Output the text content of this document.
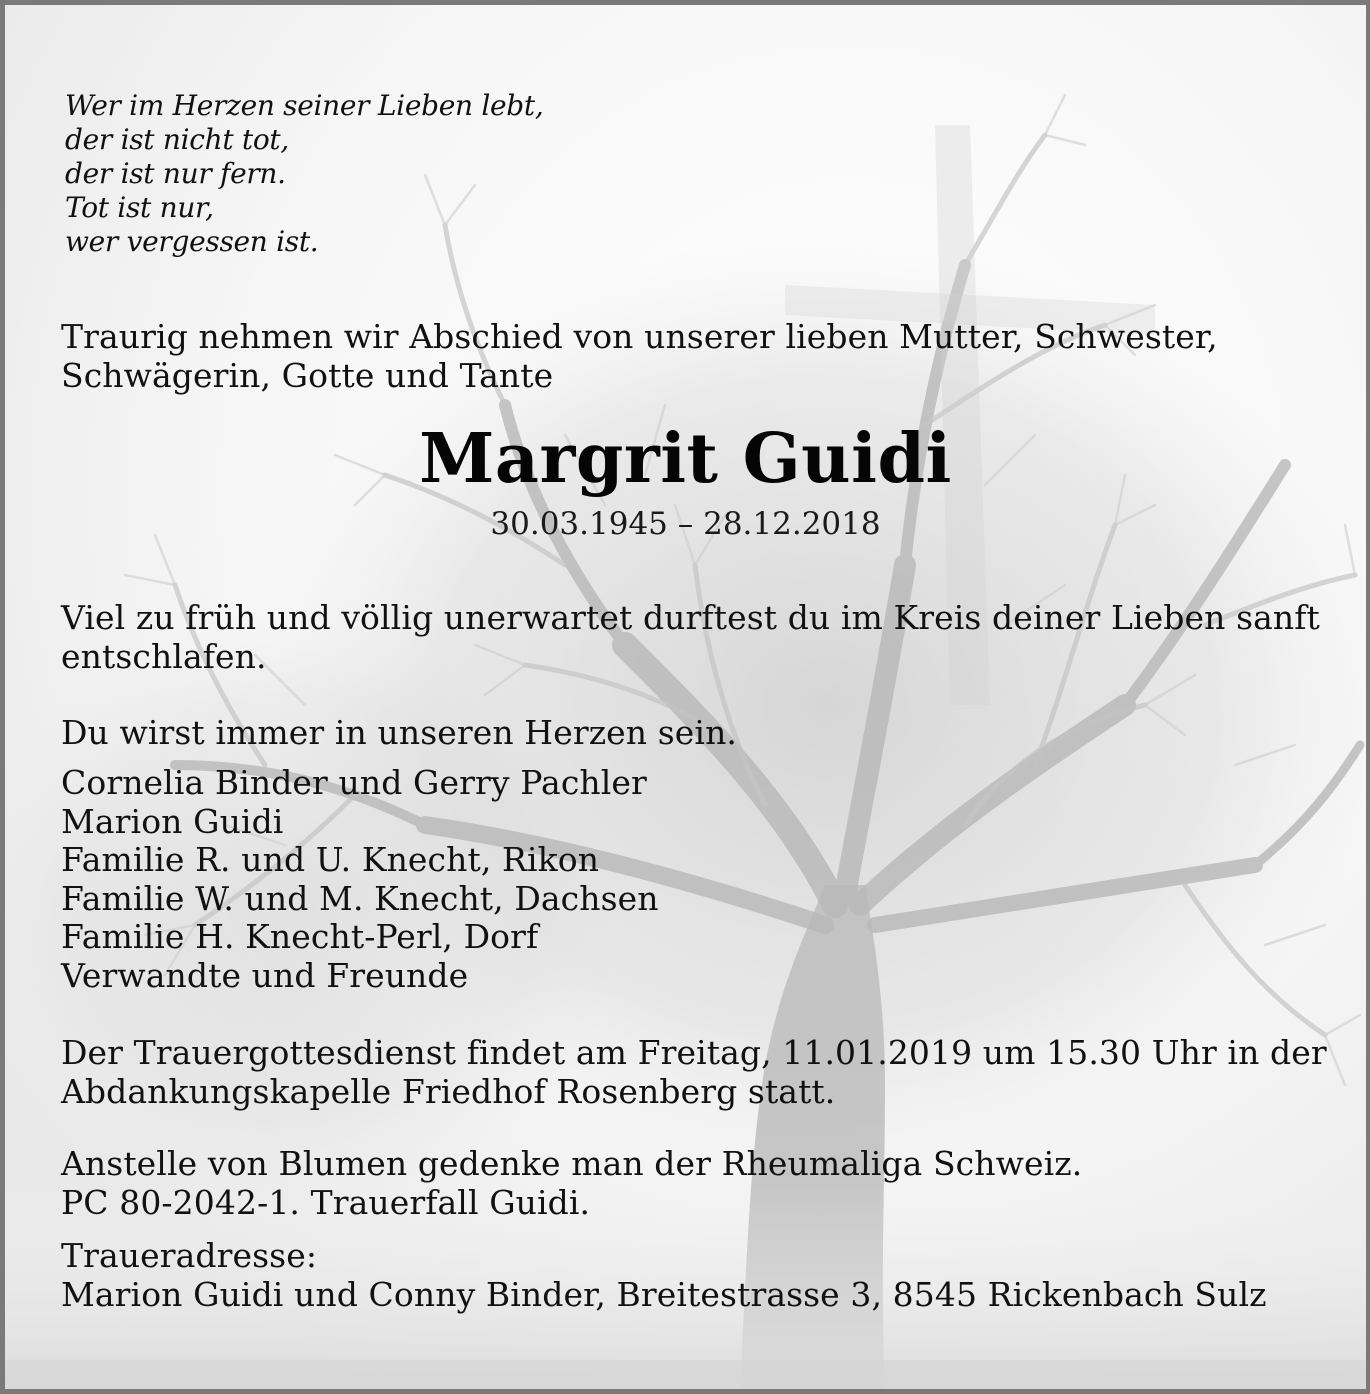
Wer im Herzen seiner Lieben lebt,
der ist nicht tot,
der ist nur fern.
Tot ist nur,
wer vergessen ist.
Traurig nehmen wir Abschied von unserer lieben Mutter, Schwester,
Schwägerin, Gotte und Tante
Margrit Guidi
30.03.1945 – 28.12.2018
Viel zu früh und völlig unerwartet durftest du im Kreis deiner Lieben sanft
entschlafen.
Du wirst immer in unseren Herzen sein.
Cornelia Binder und Gerry Pachler
Marion Guidi
Familie R. und U. Knecht, Rikon
Familie W. und M. Knecht, Dachsen
Familie H. Knecht-Perl, Dorf
Verwandte und Freunde
Der Trauergottesdienst findet am Freitag, 11.01.2019 um 15.30 Uhr in der
Abdankungskapelle Friedhof Rosenberg statt.
Anstelle von Blumen gedenke man der Rheumaliga Schweiz.
PC 80-2042-1. Trauerfall Guidi.
Traueradresse:
Marion Guidi und Conny Binder, Breitestrasse 3, 8545 Rickenbach Sulz
